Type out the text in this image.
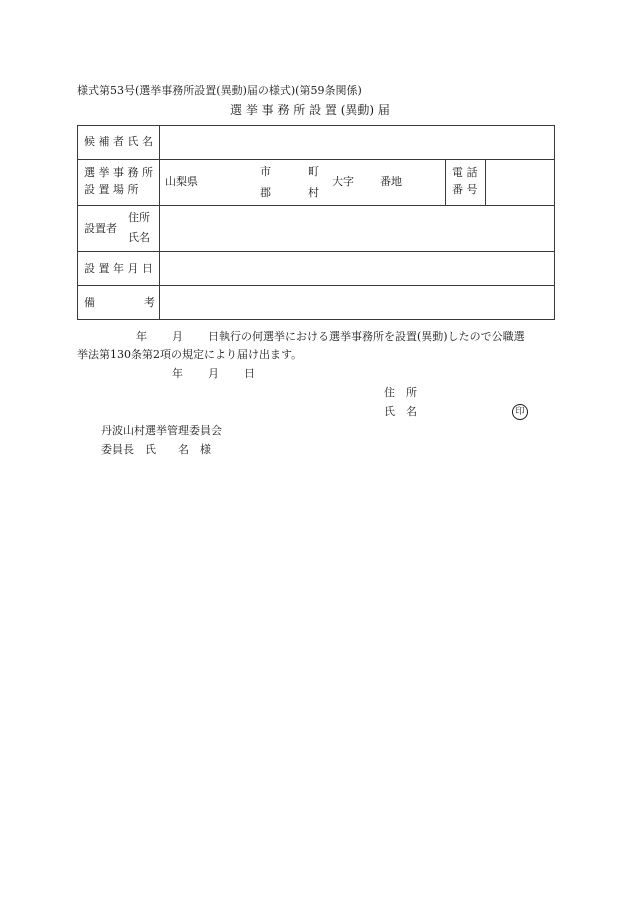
様式第53号(選挙事務所設置(異動)届の様式)(第59条関係)
選 挙 事 務 所 設 置 (異動) 届
候 補 者 氏 名
選 挙 事 務 所
設 置 場 所
山梨県
市
郡
町
村
大字 番地
電 話
番 号
設置者
住所
氏名
設 置 年 月 日
備	考
年 月 日執行の何選挙における選挙事務所を設置(異動)したので公職選
挙法第130条第2項の規定により届け出ます。
年 月 日
住　所
氏　名	印
丹波山村選挙管理委員会
委員長　氏　　名　様
